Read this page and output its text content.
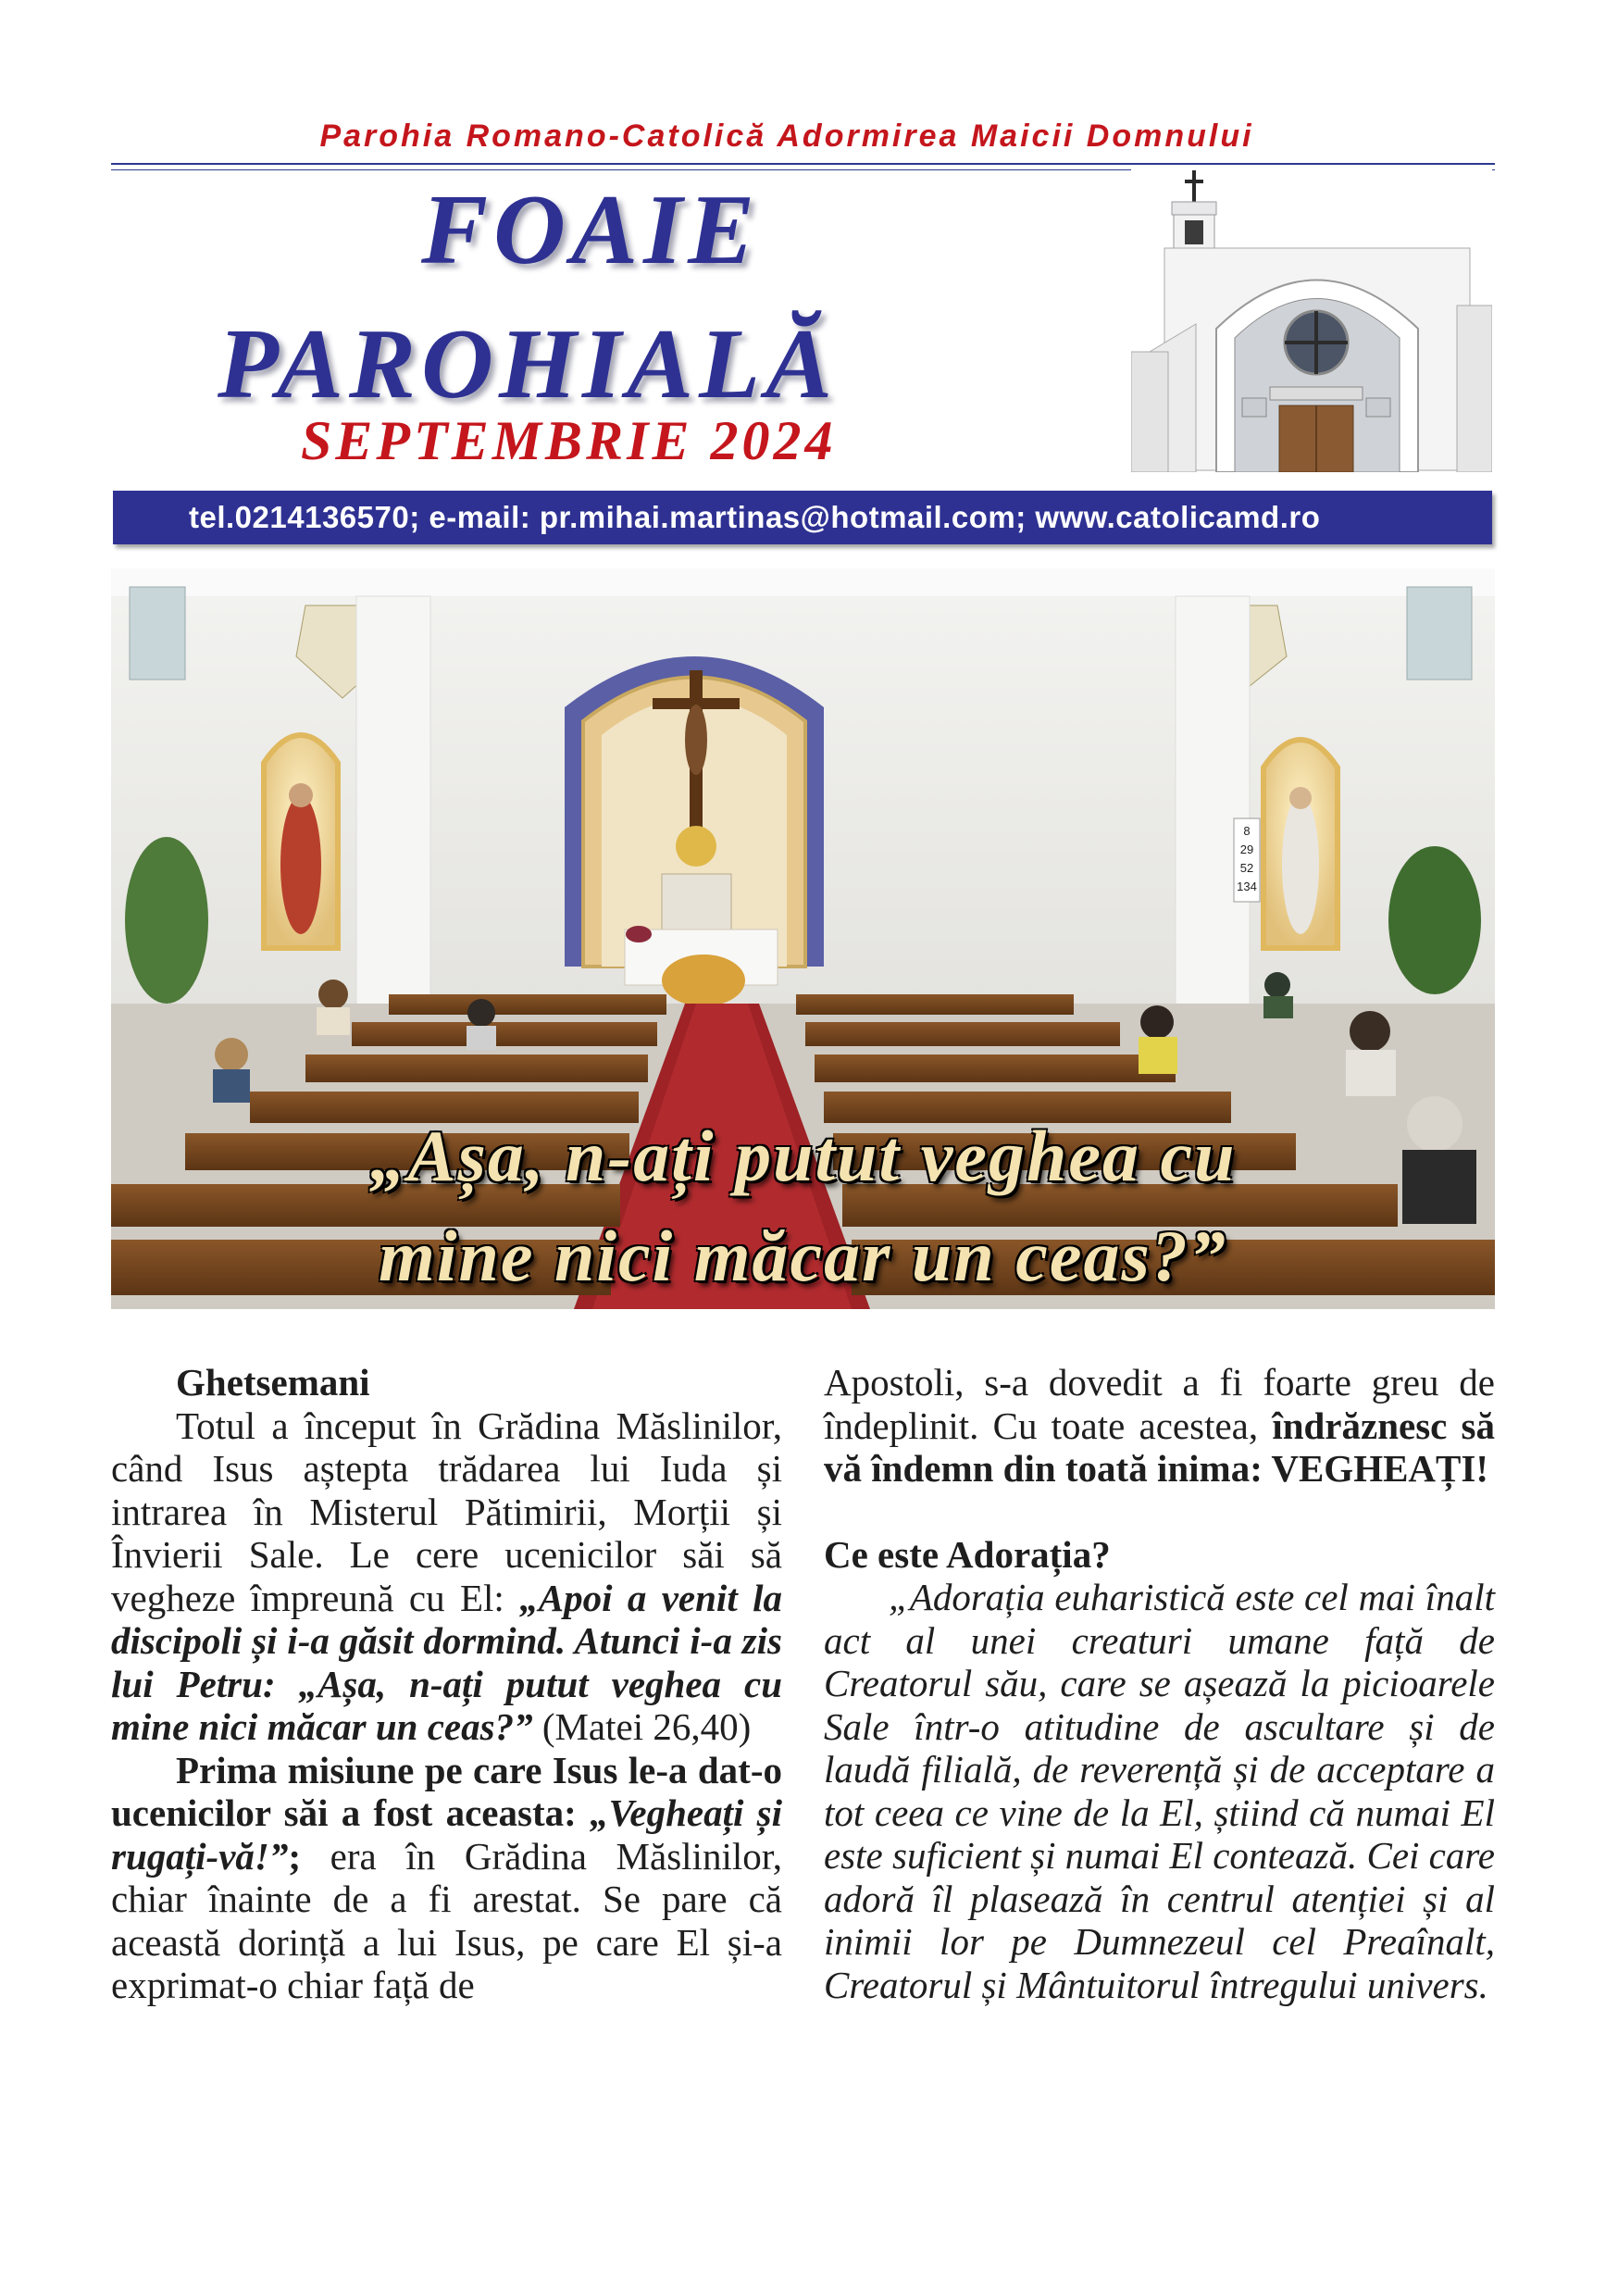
Parohia Romano-Catolică Adormirea Maicii Domnului
FOAIE
PAROHIALĂ
SEPTEMBRIE 2024
tel.0214136570; e-mail: pr.mihai.martinas@hotmail.com; www.catolicamd.ro
8
29
52
134
„Așa, n-ați putut veghea cu
mine nici măcar un ceas?”

Ghetsemani

Totul a început în Grădina Măslinilor, când Isus aștepta trădarea lui Iuda și intrarea în Misterul Pătimirii, Morții și Învierii Sale. Le cere ucenicilor săi să vegheze împreună cu El: „Apoi a venit la discipoli și i-a găsit dormind. Atunci i-a zis lui Petru: „Așa, n-ați putut veghea cu mine nici măcar un ceas?” (Matei 26,40)

Prima misiune pe care Isus le-a dat-o ucenicilor săi a fost aceasta: „Vegheați și rugați-vă!”; era în Grădina Măslinilor, chiar înainte de a fi arestat. Se pare că această dorință a lui Isus, pe care El și-a exprimat-o chiar față de

Apostoli, s-a dovedit a fi foarte greu de îndeplinit. Cu toate acestea, îndrăznesc să vă îndemn din toată inima: VEGHEAȚI!

Ce este Adorația?

„Adorația euharistică este cel mai înalt act al unei creaturi umane față de Creatorul său, care se așează la picioarele Sale într-o atitudine de ascultare și de laudă filială, de reverență și de acceptare a tot ceea ce vine de la El, știind că numai El este suficient și numai El contează. Cei care adoră îl plasează în centrul atenției și al inimii lor pe Dumnezeul cel Preaînalt, Creatorul și Mântuitorul întregului univers.
